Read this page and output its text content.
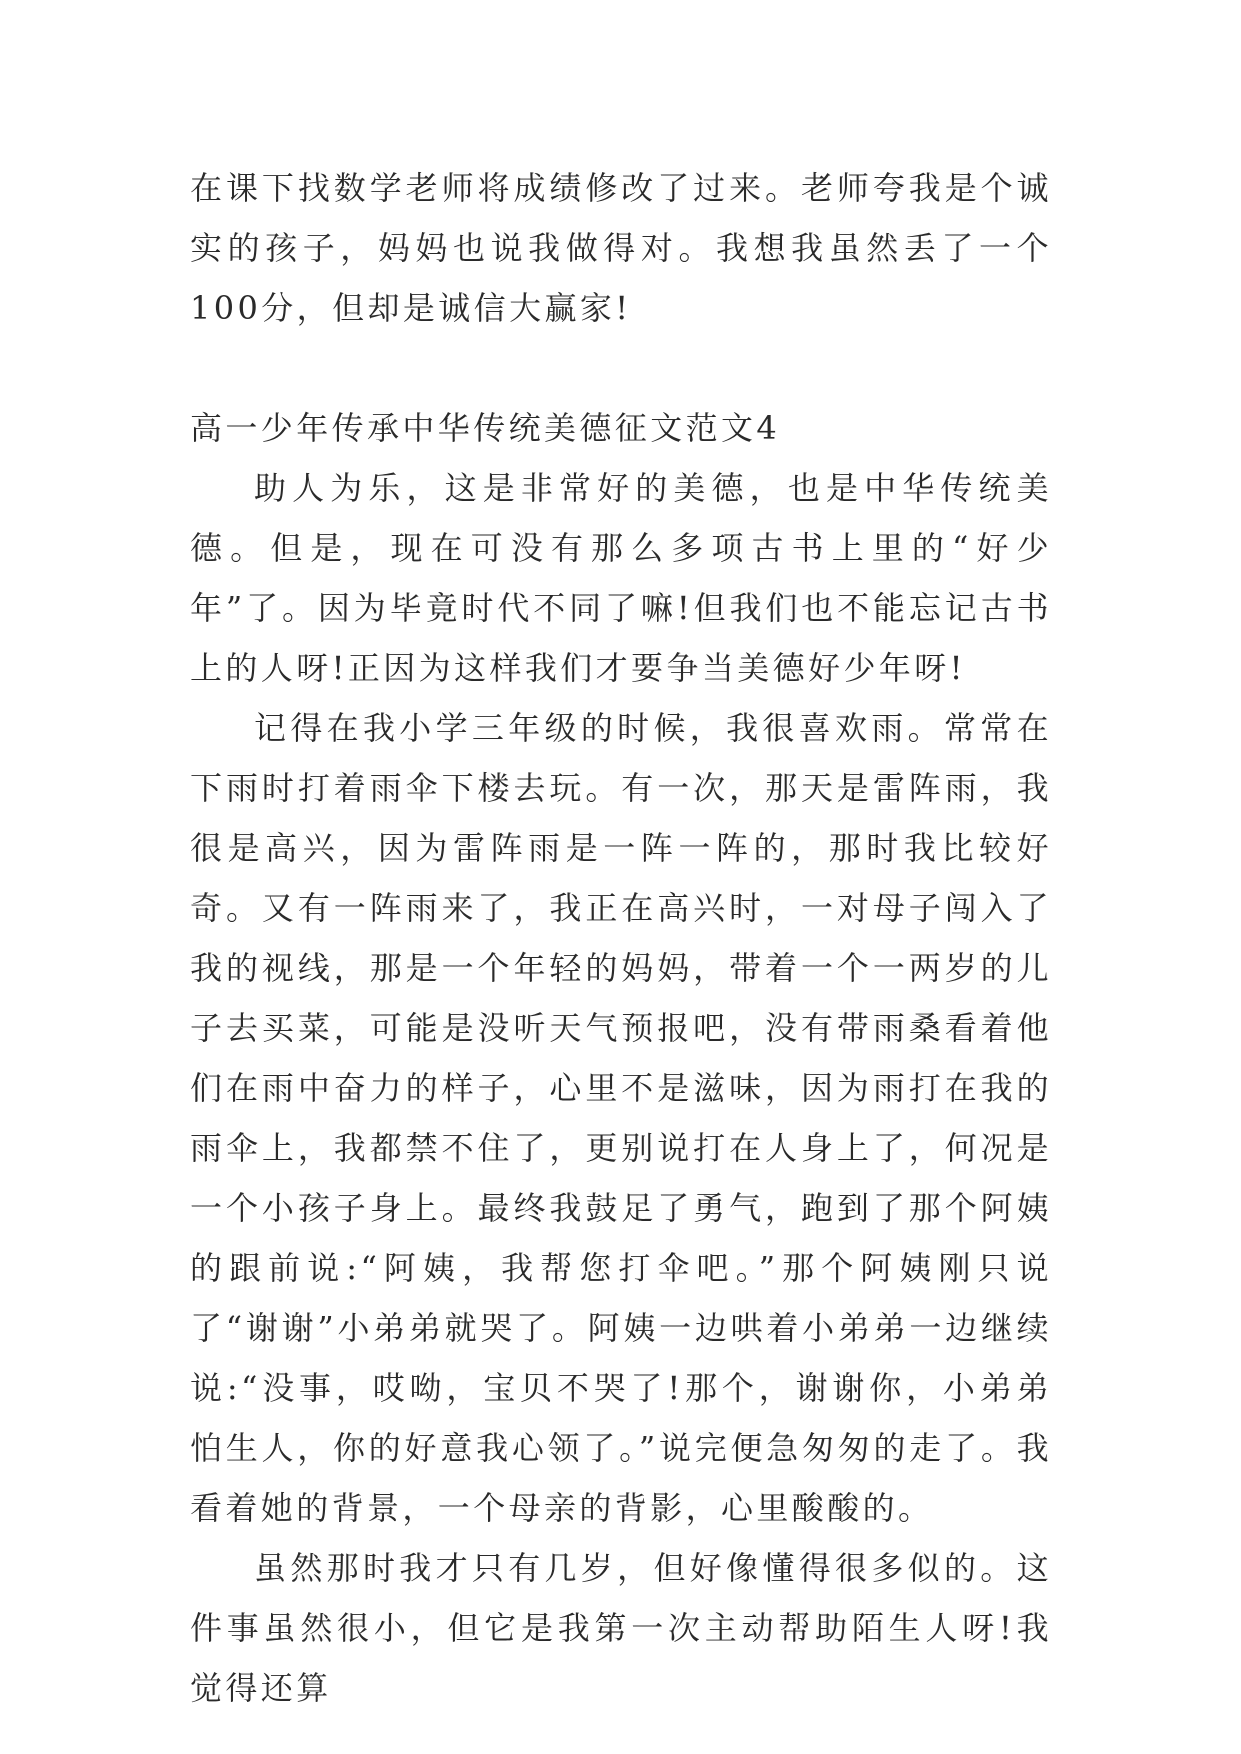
在课下找数学老师将成绩修改了过来。老师夸我是个诚实的孩子，妈妈也说我做得对。我想我虽然丢了一个100分，但却是诚信大赢家!

高一少年传承中华传统美德征文范文4

助人为乐，这是非常好的美德，也是中华传统美德。但是，现在可没有那么多项古书上里的“好少年”了。因为毕竟时代不同了嘛!但我们也不能忘记古书上的人呀!正因为这样我们才要争当美德好少年呀!

记得在我小学三年级的时候，我很喜欢雨。常常在下雨时打着雨伞下楼去玩。有一次，那天是雷阵雨，我很是高兴，因为雷阵雨是一阵一阵的，那时我比较好奇。又有一阵雨来了，我正在高兴时，一对母子闯入了我的视线，那是一个年轻的妈妈，带着一个一两岁的儿子去买菜，可能是没听天气预报吧，没有带雨桑看着他们在雨中奋力的样子，心里不是滋味，因为雨打在我的雨伞上，我都禁不住了，更别说打在人身上了，何况是一个小孩子身上。最终我鼓足了勇气，跑到了那个阿姨的跟前说:“阿姨，我帮您打伞吧。”那个阿姨刚只说了“谢谢”小弟弟就哭了。阿姨一边哄着小弟弟一边继续说:“没事，哎呦，宝贝不哭了!那个，谢谢你，小弟弟怕生人，你的好意我心领了。”说完便急匆匆的走了。我看着她的背景，一个母亲的背影，心里酸酸的。

虽然那时我才只有几岁，但好像懂得很多似的。这件事虽然很小，但它是我第一次主动帮助陌生人呀!我觉得还算
